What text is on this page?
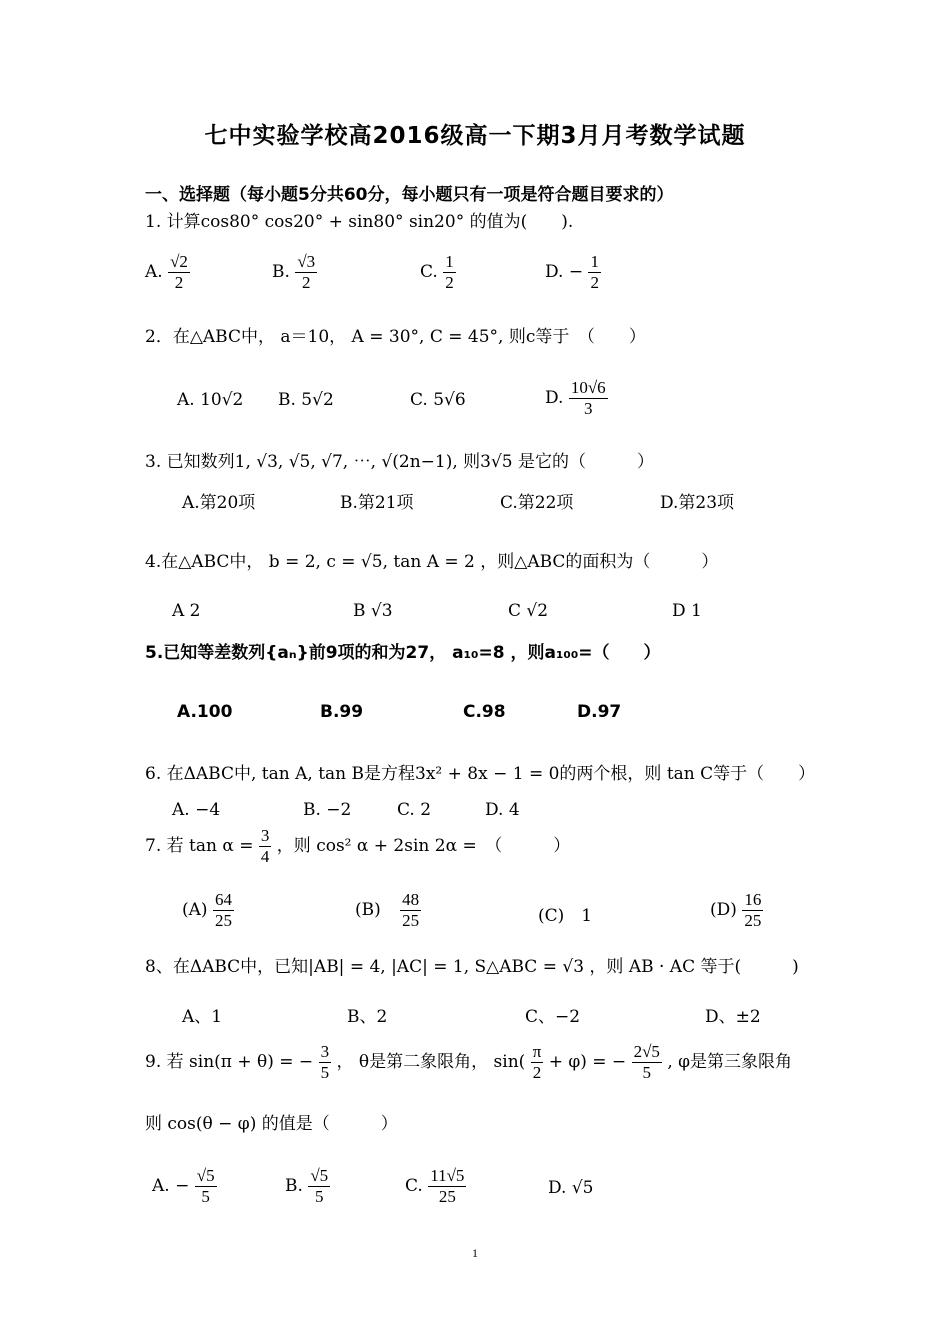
七中实验学校高2016级高一下期3月月考数学试题
一、选择题（每小题5分共60分，每小题只有一项是符合题目要求的）
1. 计算cos80° cos20° + sin80° sin20° 的值为(　　).
A. $\frac{√2}{2}$	B. $\frac{√3}{2}$	C. $\frac{1}{2}$	D. − $\frac{1}{2}$
2．在△ABC中， a＝10， A = 30°, C = 45°, 则c等于　（　　）
A. 10√2 B. 5√2	C. 5√6	D. $\frac{10√6}{3}$
3. 已知数列1, √3, √5, √7, ⋯, √(2n−1), 则3√5 是它的（　　　）
A.第20项	B.第21项	C.第22项	D.第23项
4.在△ABC中， b = 2, c = √5, tan A = 2 ，则△ABC的面积为（　　　）
A 2	B √3	C √2	D 1
5.已知等差数列{aₙ}前9项的和为27， a₁₀=8 ，则a₁₀₀=（　　）
A.100	B.99	C.98	D.97
6. 在ΔABC中, tan A, tan B是方程3x² + 8x − 1 = 0的两个根，则 tan C等于（　　）
A. −4	B. −2	C. 2	D. 4
7. 若 $\tan \alpha = \frac{3}{4}$ ，则 cos² α + 2sin 2α =　（　　　）
$(A) \frac{64}{25}$	$(B) \frac{48}{25}$	(C)　1	$(D) \frac{16}{25}$
8、在ΔABC中，已知|AB| = 4, |AC| = 1, S△ABC = √3 ，则 AB · AC 等于(　　　)
A、1	B、2	C、−2	D、±2
9. 若 sin(π + θ) = − $\frac{3}{5}$ ， θ是第二象限角， $\sin( \frac{\pi}{2} + \varphi)$ = − $\frac{2√5}{5}$ , φ是第三象限角
则 cos(θ − φ) 的值是（　　　）
A. − $\frac{√5}{5}$	B. $\frac{√5}{5}$	C. $\frac{11√5}{25}$	D. √5
1
